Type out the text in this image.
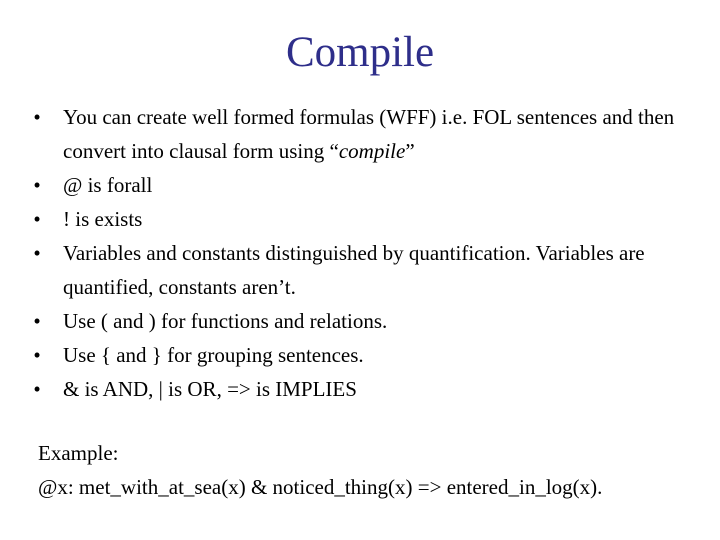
Compile
• You can create well formed formulas (WFF) i.e. FOL sentences and then convert into clausal form using “compile”
• @ is forall
• ! is exists
• Variables and constants distinguished by quantification. Variables are quantified, constants aren’t.
• Use ( and ) for functions and relations.
• Use { and } for grouping sentences.
• & is AND, | is OR, => is IMPLIES
Example:
@x: met_with_at_sea(x) & noticed_thing(x) => entered_in_log(x).
